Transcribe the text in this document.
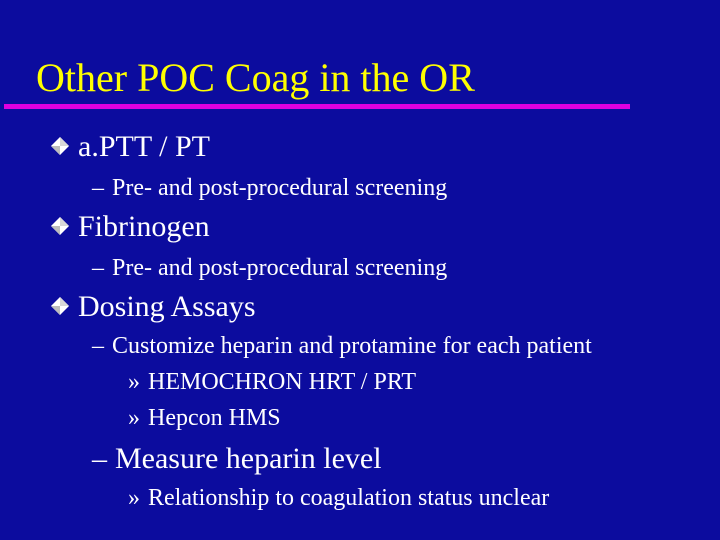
Other POC Coag in the OR
a.PTT / PT
– Pre- and post-procedural screening
Fibrinogen
– Pre- and post-procedural screening
Dosing Assays
– Customize heparin and protamine for each patient
» HEMOCHRON HRT / PRT
» Hepcon HMS
– Measure heparin level
» Relationship to coagulation status unclear
